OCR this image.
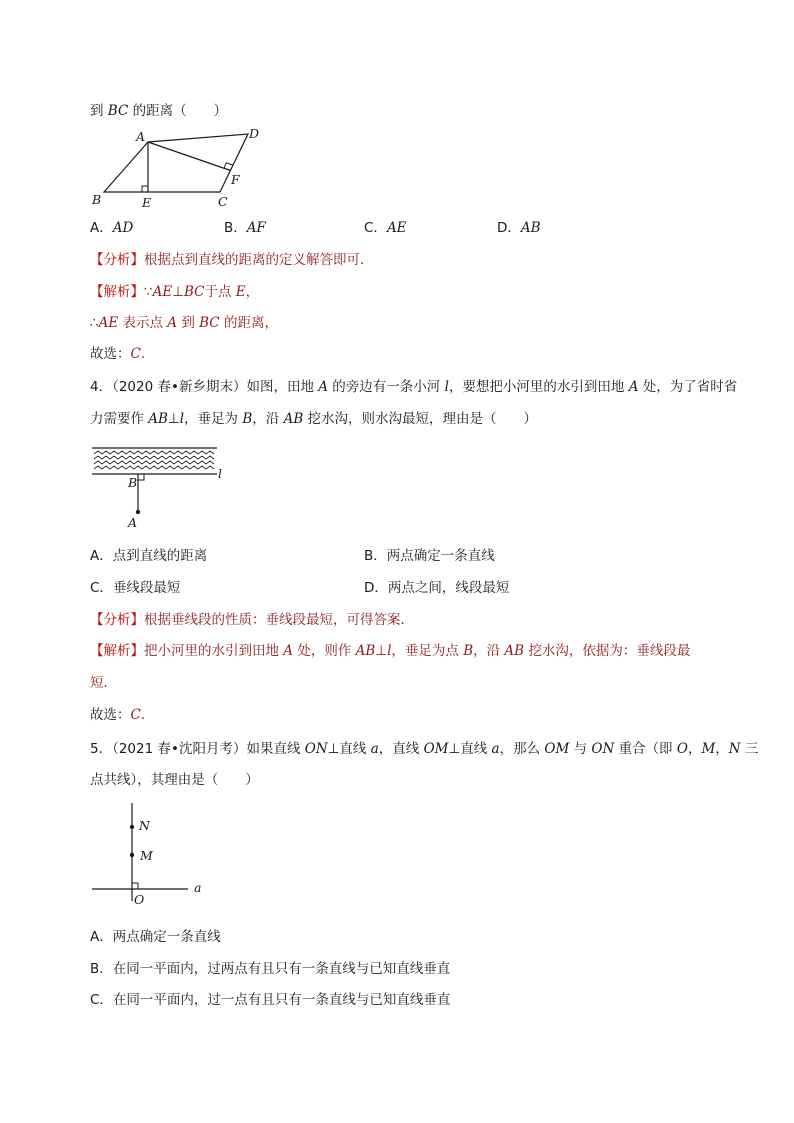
到 BC 的距离（　　）
A
B	C
D
E
F
A．AD	B．AF	C．AE	D．AB
【分析】根据点到直线的距离的定义解答即可．
【解析】∵AE⊥BC于点 E，
∴AE 表示点 A 到 BC 的距离，
故选：C．
4．（2020 春•新乡期末）如图，田地 A 的旁边有一条小河 l，要想把小河里的水引到田地 A 处，为了省时省
力需要作 AB⊥l，垂足为 B，沿 AB 挖水沟，则水沟最短，理由是（　　）
B
A
l
A．点到直线的距离	B．两点确定一条直线
C．垂线段最短	D．两点之间，线段最短
【分析】根据垂线段的性质：垂线段最短，可得答案．
【解析】把小河里的水引到田地 A 处，则作 AB⊥l，垂足为点 B，沿 AB 挖水沟，依据为：垂线段最
短．
故选：C．
5．（2021 春•沈阳月考）如果直线 ON⊥直线 a，直线 OM⊥直线 a，那么 OM 与 ON 重合（即 O，M，N 三
点共线），其理由是（　　）
N
M
O
a
A．两点确定一条直线
B．在同一平面内，过两点有且只有一条直线与已知直线垂直
C．在同一平面内，过一点有且只有一条直线与已知直线垂直
